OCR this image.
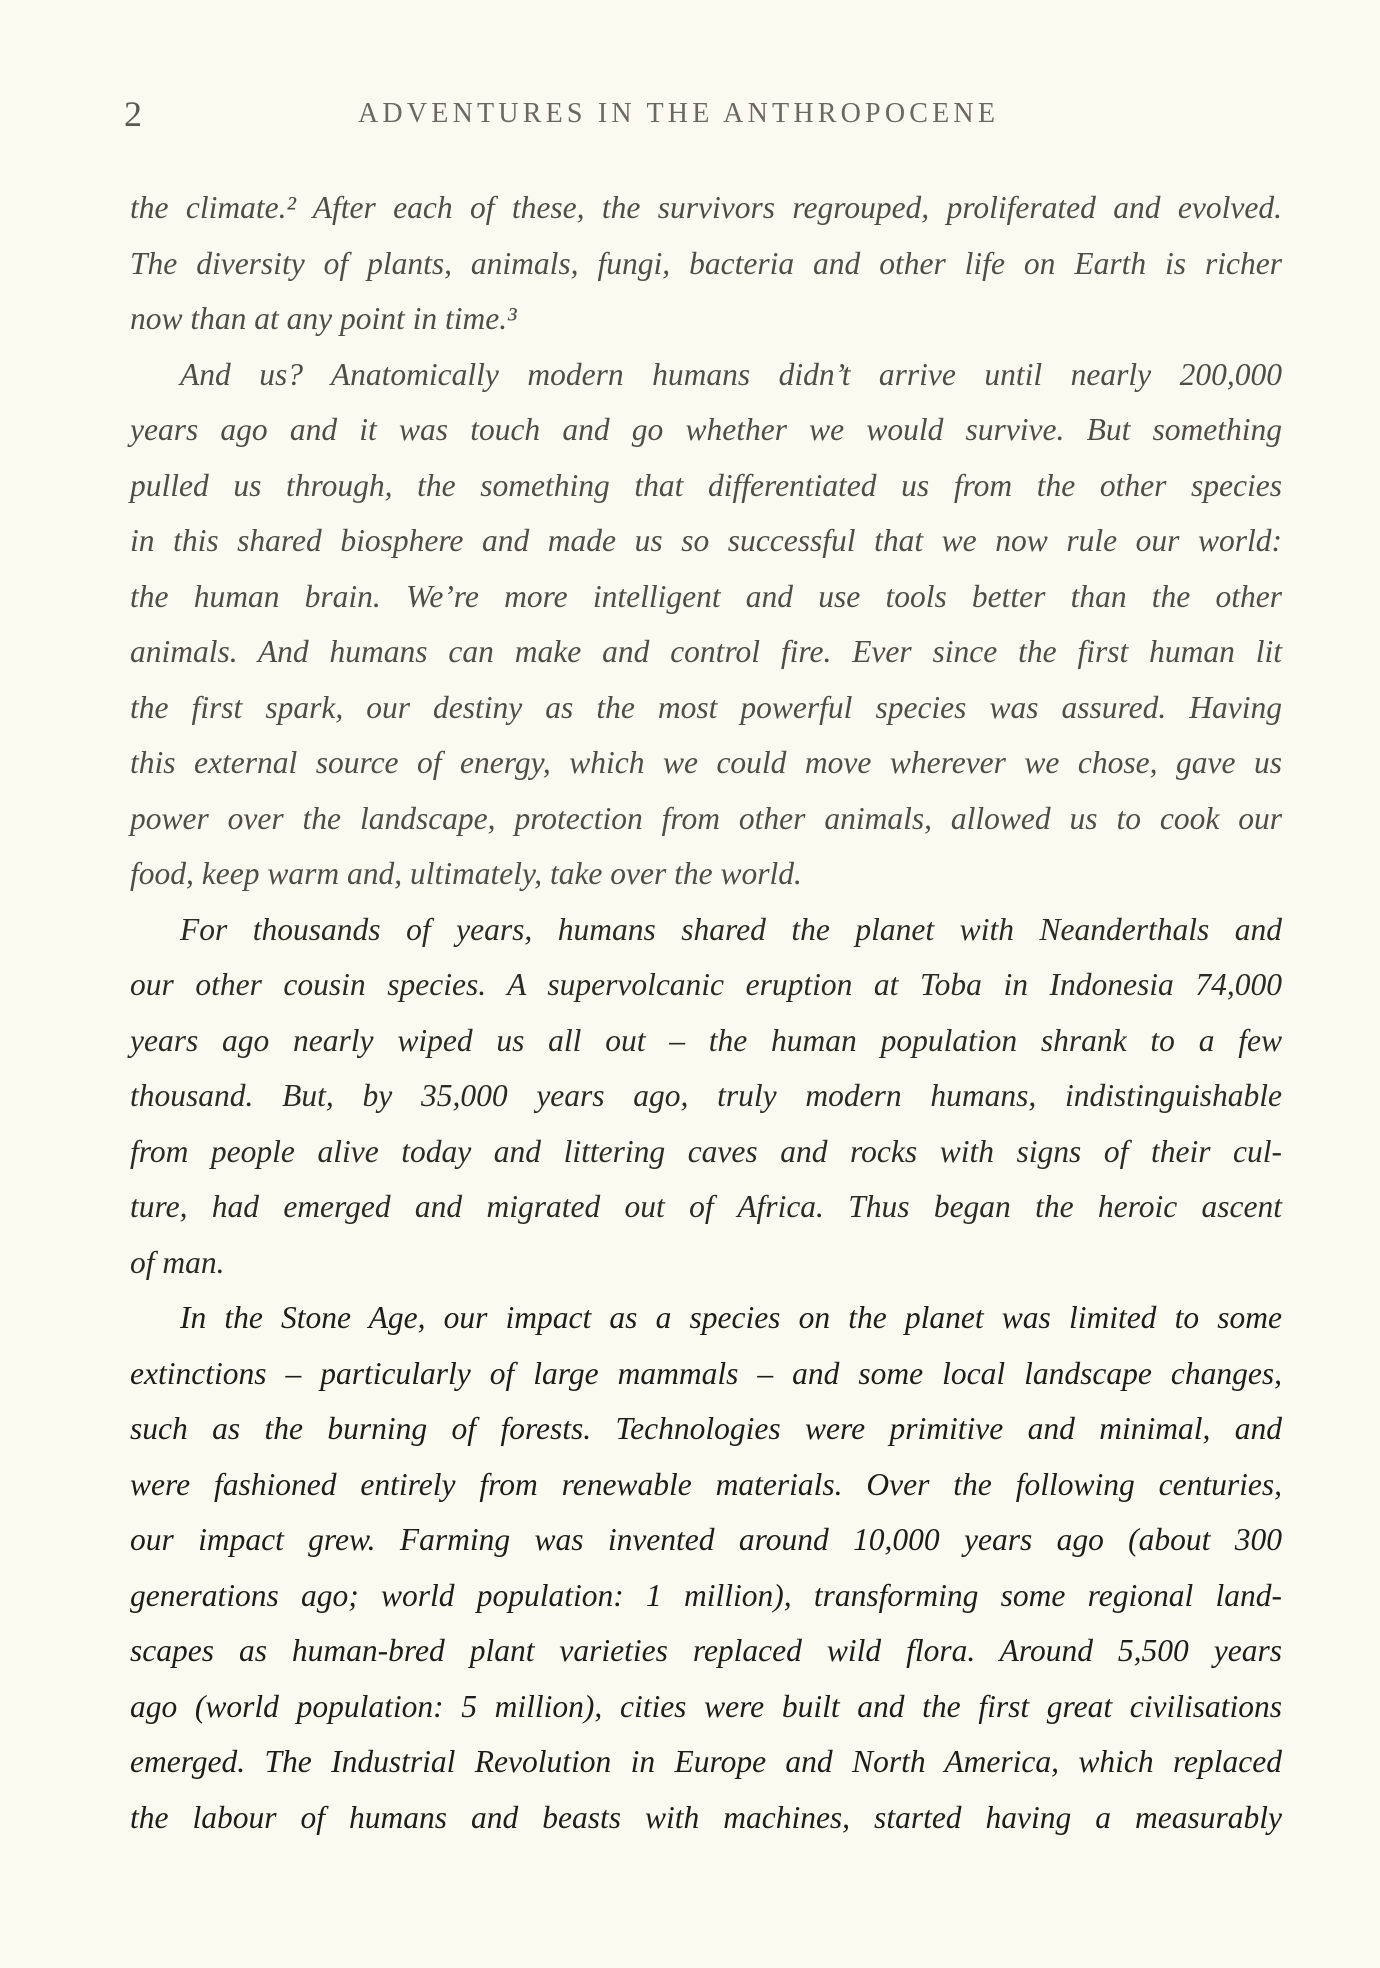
2	ADVENTURES IN THE ANTHROPOCENE
the climate.² After each of these, the survivors regrouped, proliferated and evolved.
The diversity of plants, animals, fungi, bacteria and other life on Earth is richer
now than at any point in time.³
And us? Anatomically modern humans didn’t arrive until nearly 200,000
years ago and it was touch and go whether we would survive. But something
pulled us through, the something that differentiated us from the other species
in this shared biosphere and made us so successful that we now rule our world:
the human brain. We’re more intelligent and use tools better than the other
animals. And humans can make and control fire. Ever since the first human lit
the first spark, our destiny as the most powerful species was assured. Having
this external source of energy, which we could move wherever we chose, gave us
power over the landscape, protection from other animals, allowed us to cook our
food, keep warm and, ultimately, take over the world.
For thousands of years, humans shared the planet with Neanderthals and
our other cousin species. A supervolcanic eruption at Toba in Indonesia 74,000
years ago nearly wiped us all out – the human population shrank to a few
thousand. But, by 35,000 years ago, truly modern humans, indistinguishable
from people alive today and littering caves and rocks with signs of their cul-
ture, had emerged and migrated out of Africa. Thus began the heroic ascent
of man.
In the Stone Age, our impact as a species on the planet was limited to some
extinctions – particularly of large mammals – and some local landscape changes,
such as the burning of forests. Technologies were primitive and minimal, and
were fashioned entirely from renewable materials. Over the following centuries,
our impact grew. Farming was invented around 10,000 years ago (about 300
generations ago; world population: 1 million), transforming some regional land-
scapes as human-bred plant varieties replaced wild flora. Around 5,500 years
ago (world population: 5 million), cities were built and the first great civilisations
emerged. The Industrial Revolution in Europe and North America, which replaced
the labour of humans and beasts with machines, started having a measurably
